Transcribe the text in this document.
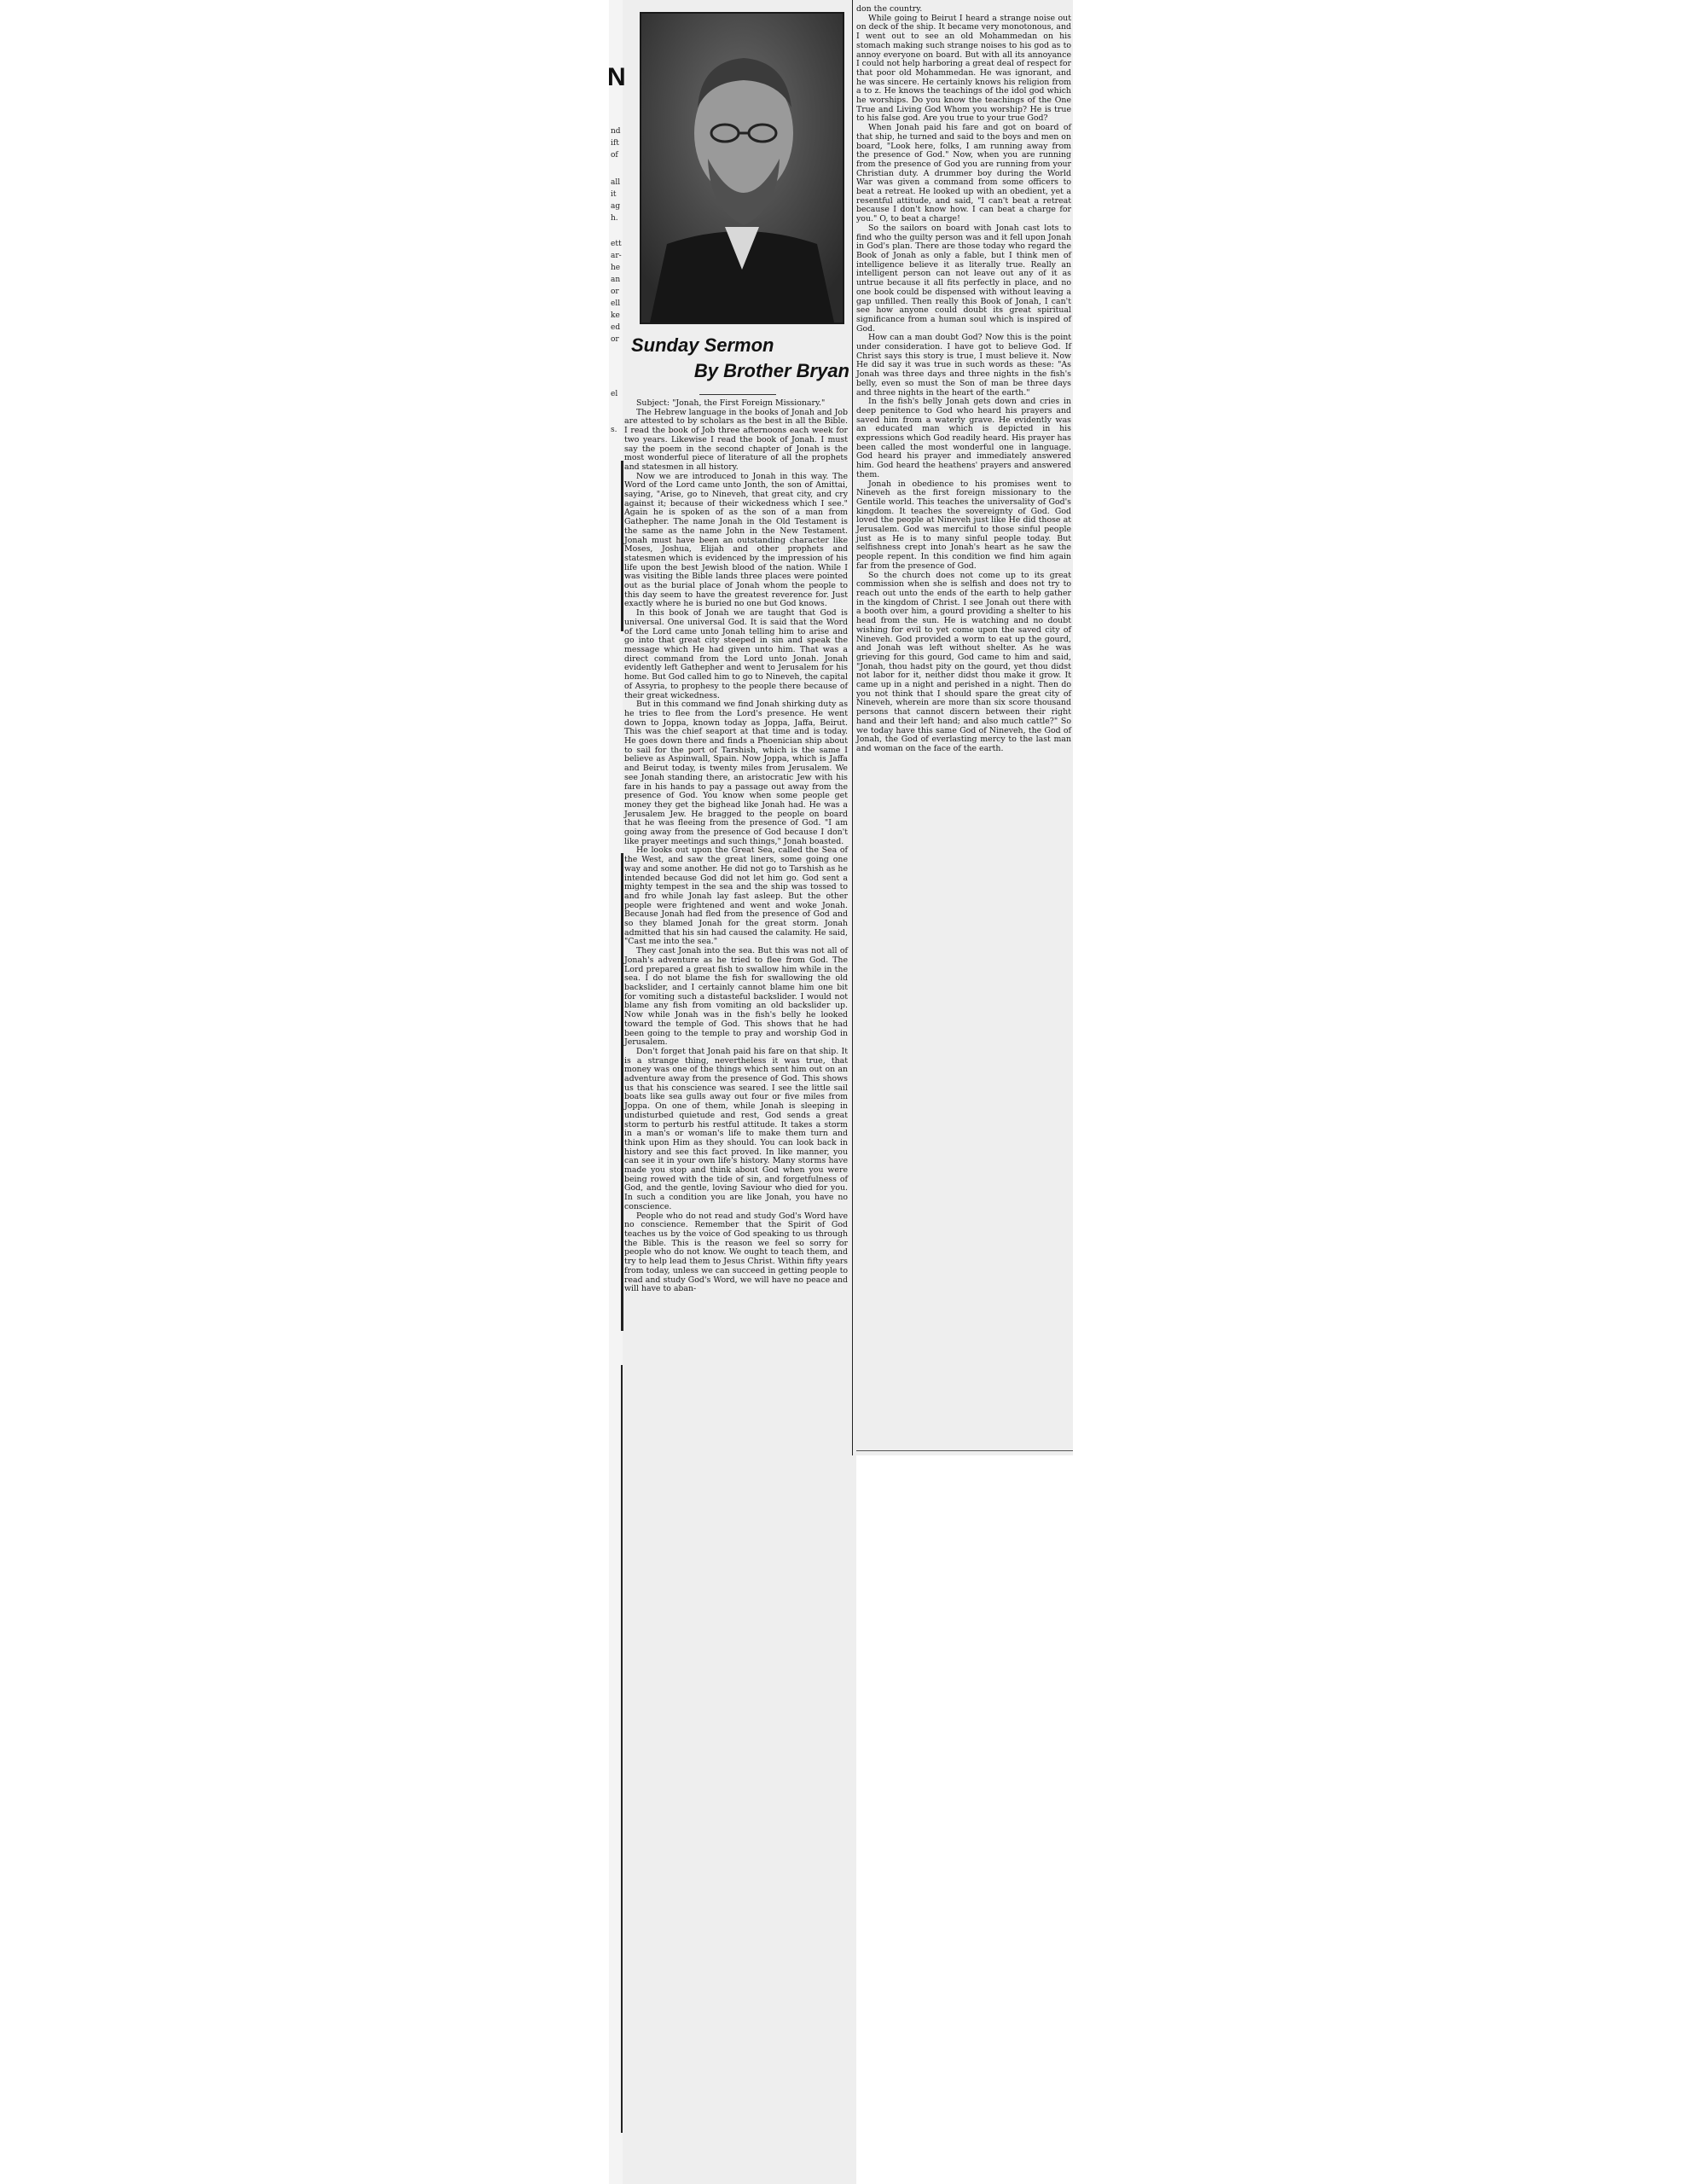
N
nd
ift
of
all
it
ag
h.
ett
ar-
he
an
or
ell
ke
ed
or
el
s.
Sunday Sermon
By Brother Bryan

Subject: "Jonah, the First Foreign Missionary."

The Hebrew language in the books of Jonah and Job are attested to by scholars as the best in all the Bible. I read the book of Job three afternoons each week for two years. Likewise I read the book of Jonah. I must say the poem in the second chapter of Jonah is the most wonderful piece of literature of all the prophets and statesmen in all history.

Now we are introduced to Jonah in this way. The Word of the Lord came unto Jonth, the son of Amittai, saying, "Arise, go to Nineveh, that great city, and cry against it; because of their wickedness which I see." Again he is spoken of as the son of a man from Gathepher. The name Jonah in the Old Testament is the same as the name John in the New Testament. Jonah must have been an outstanding character like Moses, Joshua, Elijah and other prophets and statesmen which is evidenced by the impression of his life upon the best Jewish blood of the nation. While I was visiting the Bible lands three places were pointed out as the burial place of Jonah whom the people to this day seem to have the greatest reverence for. Just exactly where he is buried no one but God knows.

In this book of Jonah we are taught that God is universal. One universal God. It is said that the Word of the Lord came unto Jonah telling him to arise and go into that great city steeped in sin and speak the message which He had given unto him. That was a direct command from the Lord unto Jonah. Jonah evidently left Gathepher and went to Jerusalem for his home. But God called him to go to Nineveh, the capital of Assyria, to prophesy to the people there because of their great wickedness.

But in this command we find Jonah shirking duty as he tries to flee from the Lord's presence. He went down to Joppa, known today as Joppa, Jaffa, Beirut. This was the chief seaport at that time and is today. He goes down there and finds a Phoenician ship about to sail for the port of Tarshish, which is the same I believe as Aspinwall, Spain. Now Joppa, which is Jaffa and Beirut today, is twenty miles from Jerusalem. We see Jonah standing there, an aristocratic Jew with his fare in his hands to pay a passage out away from the presence of God. You know when some people get money they get the bighead like Jonah had. He was a Jerusalem Jew. He bragged to the people on board that he was fleeing from the presence of God. "I am going away from the presence of God because I don't like prayer meetings and such things," Jonah boasted.

He looks out upon the Great Sea, called the Sea of the West, and saw the great liners, some going one way and some another. He did not go to Tarshish as he intended because God did not let him go. God sent a mighty tempest in the sea and the ship was tossed to and fro while Jonah lay fast asleep. But the other people were frightened and went and woke Jonah. Because Jonah had fled from the presence of God and so they blamed Jonah for the great storm. Jonah admitted that his sin had caused the calamity. He said, "Cast me into the sea."

They cast Jonah into the sea. But this was not all of Jonah's adventure as he tried to flee from God. The Lord prepared a great fish to swallow him while in the sea. I do not blame the fish for swallowing the old backslider, and I certainly cannot blame him one bit for vomiting such a distasteful backslider. I would not blame any fish from vomiting an old backslider up. Now while Jonah was in the fish's belly he looked toward the temple of God. This shows that he had been going to the temple to pray and worship God in Jerusalem.

Don't forget that Jonah paid his fare on that ship. It is a strange thing, nevertheless it was true, that money was one of the things which sent him out on an adventure away from the presence of God. This shows us that his conscience was seared. I see the little sail boats like sea gulls away out four or five miles from Joppa. On one of them, while Jonah is sleeping in undisturbed quietude and rest, God sends a great storm to perturb his restful attitude. It takes a storm in a man's or woman's life to make them turn and think upon Him as they should. You can look back in history and see this fact proved. In like manner, you can see it in your own life's history. Many storms have made you stop and think about God when you were being rowed with the tide of sin, and forgetfulness of God, and the gentle, loving Saviour who died for you. In such a condition you are like Jonah, you have no conscience.

People who do not read and study God's Word have no conscience. Remember that the Spirit of God teaches us by the voice of God speaking to us through the Bible. This is the reason we feel so sorry for people who do not know. We ought to teach them, and try to help lead them to Jesus Christ. Within fifty years from today, unless we can succeed in getting people to read and study God's Word, we will have no peace and will have to aban-

don the country.

While going to Beirut I heard a strange noise out on deck of the ship. It became very monotonous, and I went out to see an old Mohammedan on his stomach making such strange noises to his god as to annoy everyone on board. But with all its annoyance I could not help harboring a great deal of respect for that poor old Mohammedan. He was ignorant, and he was sincere. He certainly knows his religion from a to z. He knows the teachings of the idol god which he worships. Do you know the teachings of the One True and Living God Whom you worship? He is true to his false god. Are you true to your true God?

When Jonah paid his fare and got on board of that ship, he turned and said to the boys and men on board, "Look here, folks, I am running away from the presence of God." Now, when you are running from the presence of God you are running from your Christian duty. A drummer boy during the World War was given a command from some officers to beat a retreat. He looked up with an obedient, yet a resentful attitude, and said, "I can't beat a retreat because I don't know how. I can beat a charge for you." O, to beat a charge!

So the sailors on board with Jonah cast lots to find who the guilty person was and it fell upon Jonah in God's plan. There are those today who regard the Book of Jonah as only a fable, but I think men of intelligence believe it as literally true. Really an intelligent person can not leave out any of it as untrue because it all fits perfectly in place, and no one book could be dispensed with without leaving a gap unfilled. Then really this Book of Jonah, I can't see how anyone could doubt its great spiritual significance from a human soul which is inspired of God.

How can a man doubt God? Now this is the point under consideration. I have got to believe God. If Christ says this story is true, I must believe it. Now He did say it was true in such words as these: "As Jonah was three days and three nights in the fish's belly, even so must the Son of man be three days and three nights in the heart of the earth."

In the fish's belly Jonah gets down and cries in deep penitence to God who heard his prayers and saved him from a waterly grave. He evidently was an educated man which is depicted in his expressions which God readily heard. His prayer has been called the most wonderful one in language. God heard his prayer and immediately answered him. God heard the heathens' prayers and answered them.

Jonah in obedience to his promises went to Nineveh as the first foreign missionary to the Gentile world. This teaches the universality of God's kingdom. It teaches the sovereignty of God. God loved the people at Nineveh just like He did those at Jerusalem. God was merciful to those sinful people just as He is to many sinful people today. But selfishness crept into Jonah's heart as he saw the people repent. In this condition we find him again far from the presence of God.

So the church does not come up to its great commission when she is selfish and does not try to reach out unto the ends of the earth to help gather in the kingdom of Christ. I see Jonah out there with a booth over him, a gourd providing a shelter to his head from the sun. He is watching and no doubt wishing for evil to yet come upon the saved city of Nineveh. God provided a worm to eat up the gourd, and Jonah was left without shelter. As he was grieving for this gourd, God came to him and said, "Jonah, thou hadst pity on the gourd, yet thou didst not labor for it, neither didst thou make it grow. It came up in a night and perished in a night. Then do you not think that I should spare the great city of Nineveh, wherein are more than six score thousand persons that cannot discern between their right hand and their left hand; and also much cattle?" So we today have this same God of Nineveh, the God of Jonah, the God of everlasting mercy to the last man and woman on the face of the earth.
